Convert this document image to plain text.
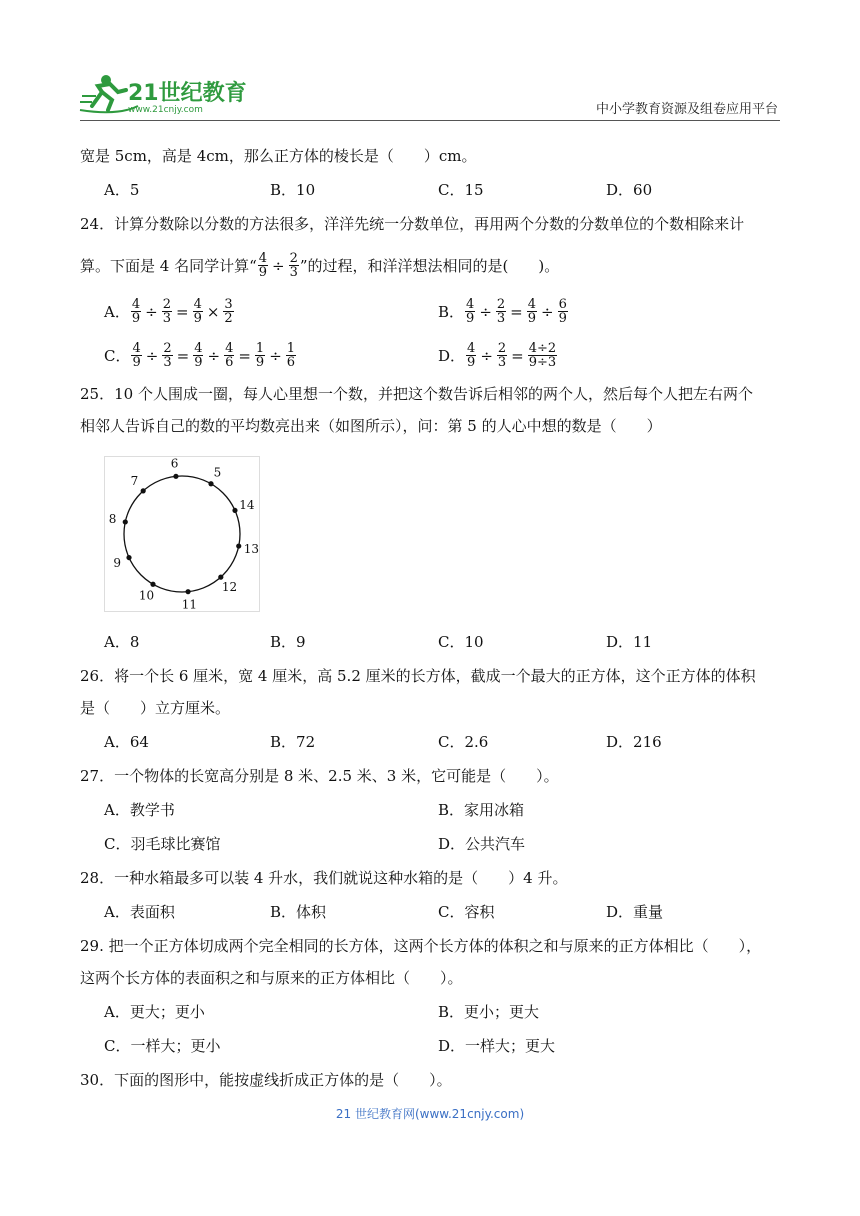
21世纪教育
www.21cnjy.com	中小学教育资源及组卷应用平台
宽是 5cm，高是 4cm，那么正方体的棱长是（　　）cm。
A．5	B．10	C．15	D．60
24．计算分数除以分数的方法很多，洋洋先统一分数单位，再用两个分数的分数单位的个数相除来计
算。下面是 4 名同学计算“ $\frac{4}{9} \div \frac{2}{3}$ ”的过程，和洋洋想法相同的是(　　)。
A． $\frac{4}{9} \div \frac{2}{3} = \frac{4}{9} \times \frac{3}{2}$	B． $\frac{4}{9} \div \frac{2}{3} = \frac{4}{9} \div \frac{6}{9}$
C． $\frac{4}{9} \div \frac{2}{3} = \frac{4}{9} \div \frac{4}{6} = \frac{1}{9} \div \frac{1}{6}$	D． $\frac{4}{9} \div \frac{2}{3} = \frac{4\div 2}{9\div 3}$
25．10 个人围成一圈，每人心里想一个数，并把这个数告诉后相邻的两个人，然后每个人把左右两个
相邻人告诉自己的数的平均数亮出来（如图所示），问：第 5 的人心中想的数是（　　）
6
5
14
13
12
11
10
9
8
7
A．8	B．9	C．10	D．11
26．将一个长 6 厘米，宽 4 厘米，高 5.2 厘米的长方体，截成一个最大的正方体，这个正方体的体积
是（　　）立方厘米。
A．64	B．72	C．2.6	D．216
27．一个物体的长宽高分别是 8 米、2.5 米、3 米，它可能是（　　）。
A．教学书	B．家用冰箱
C．羽毛球比赛馆	D．公共汽车
28．一种水箱最多可以装 4 升水，我们就说这种水箱的是（　　）4 升。
A．表面积	B．体积	C．容积	D．重量
29. 把一个正方体切成两个完全相同的长方体，这两个长方体的体积之和与原来的正方体相比（　　），
这两个长方体的表面积之和与原来的正方体相比（　　）。
A．更大；更小	B．更小；更大
C．一样大；更小	D．一样大；更大
30．下面的图形中，能按虚线折成正方体的是（　　）。
21 世纪教育网(www.21cnjy.com)
